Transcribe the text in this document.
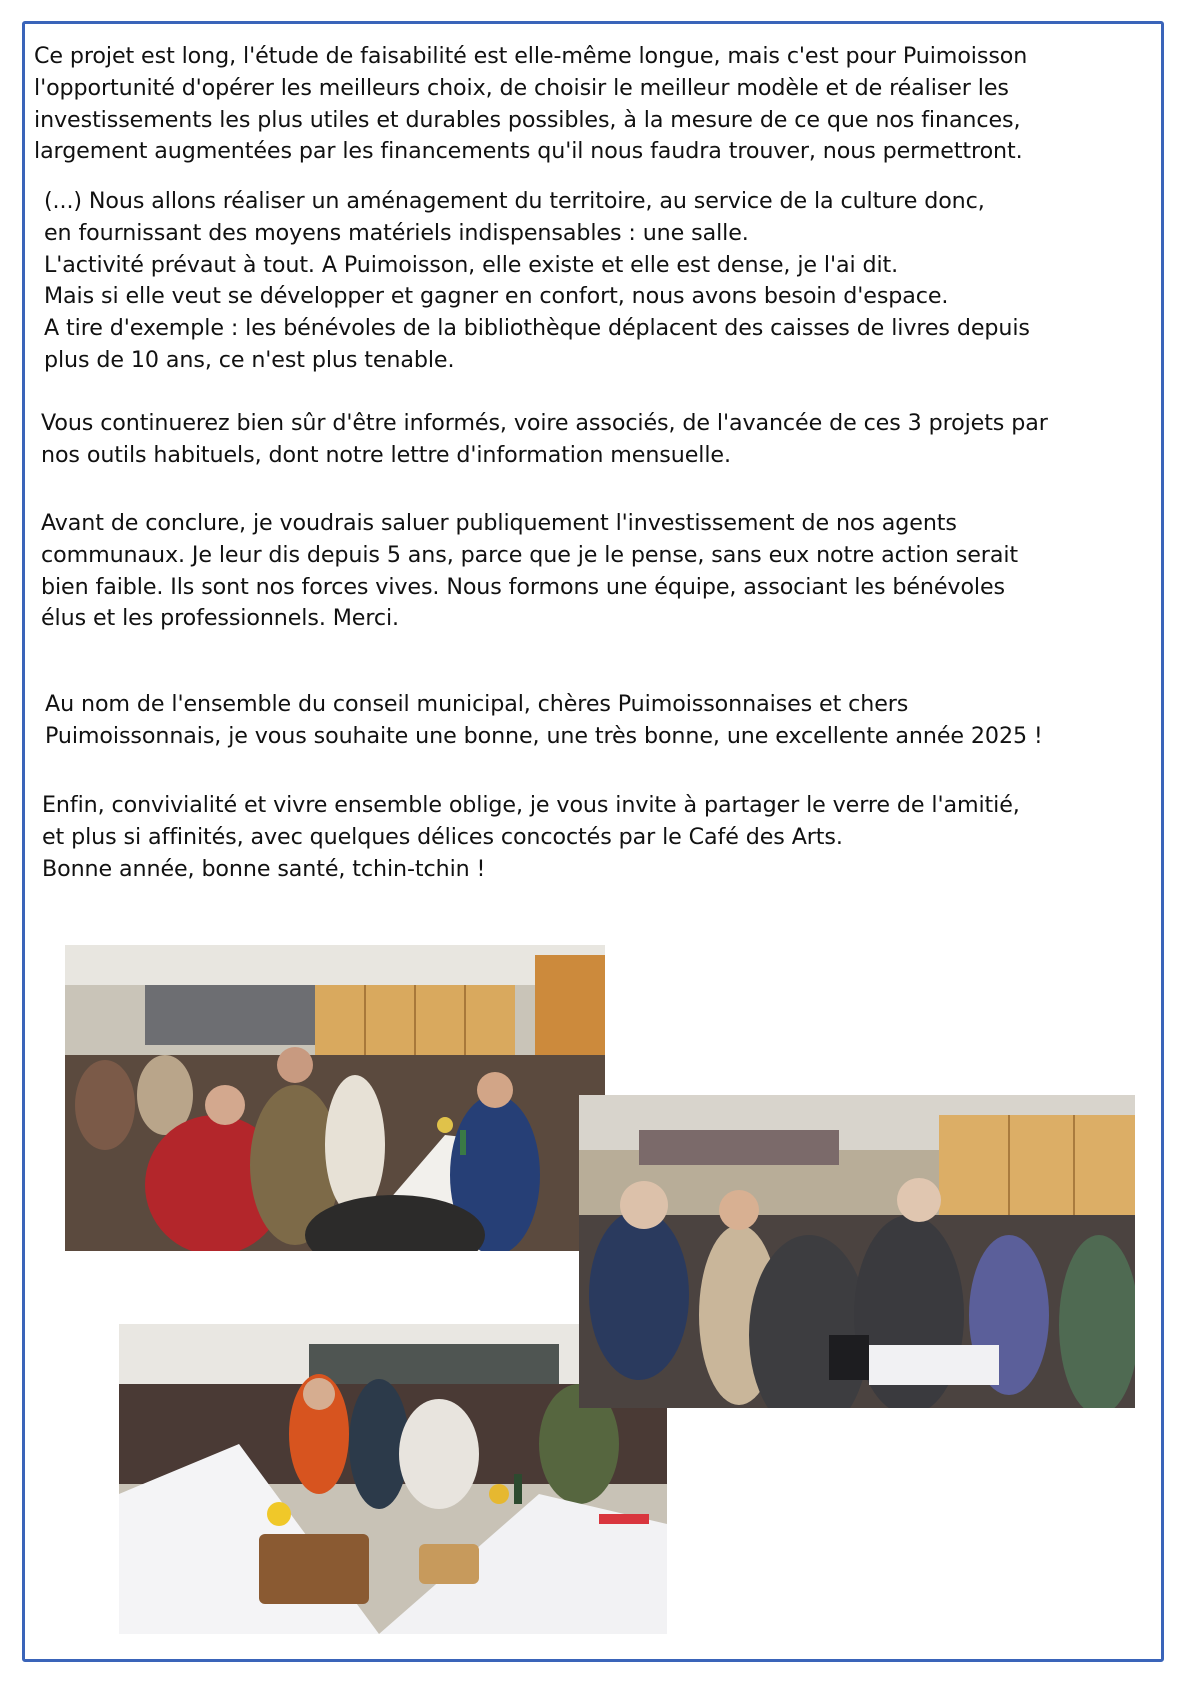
Ce projet est long, l'étude de faisabilité est elle-même longue, mais c'est pour Puimoisson
l'opportunité d'opérer les meilleurs choix, de choisir le meilleur modèle et de réaliser les
investissements les plus utiles et durables possibles, à la mesure de ce que nos finances,
largement augmentées par les financements qu'il nous faudra trouver, nous permettront.

(...) Nous allons réaliser un aménagement du territoire, au service de la culture donc,
en fournissant des moyens matériels indispensables : une salle.
L'activité prévaut à tout. A Puimoisson, elle existe et elle est dense, je l'ai dit.
Mais si elle veut se développer et gagner en confort, nous avons besoin d'espace.
A tire d'exemple : les bénévoles de la bibliothèque déplacent des caisses de livres depuis
plus de 10 ans, ce n'est plus tenable.

Vous continuerez bien sûr d'être informés, voire associés, de l'avancée de ces 3 projets par
nos outils habituels, dont notre lettre d'information mensuelle.

Avant de conclure, je voudrais saluer publiquement l'investissement de nos agents
communaux. Je leur dis depuis 5 ans, parce que je le pense, sans eux notre action serait
bien faible. Ils sont nos forces vives. Nous formons une équipe, associant les bénévoles
élus et les professionnels. Merci.

Au nom de l'ensemble du conseil municipal, chères Puimoissonnaises et chers
Puimoissonnais, je vous souhaite une bonne, une très bonne, une excellente année 2025 !

Enfin, convivialité et vivre ensemble oblige, je vous invite à partager le verre de l'amitié,
et plus si affinités, avec quelques délices concoctés par le Café des Arts.
Bonne année, bonne santé, tchin-tchin !
